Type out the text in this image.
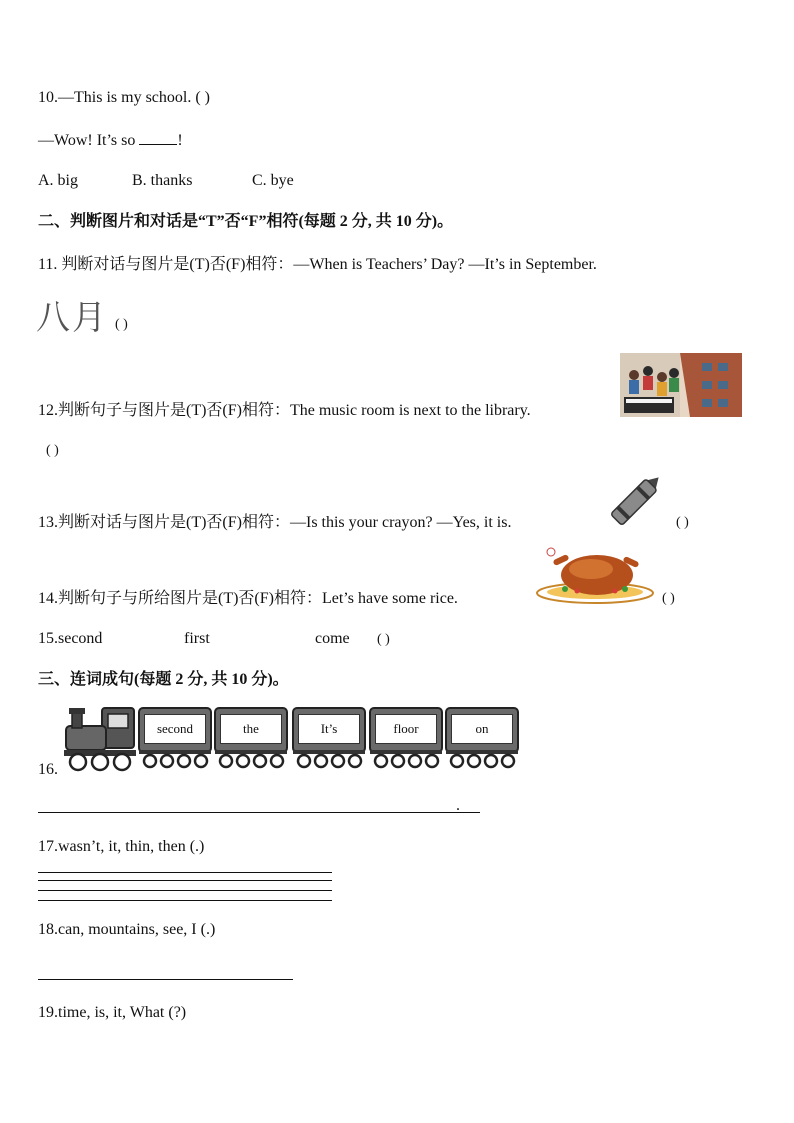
10.—This is my school. ( )
—Wow! It’s so !
A. big	B. thanks	C. bye
二、判断图片和对话是“T”否“F”相符(每题 2 分, 共 10 分)。
11. 判断对话与图片是(T)否(F)相符：—When is Teachers’ Day? —It’s in September.
八月 ( )
12.判断句子与图片是(T)否(F)相符：The music room is next to the library.
( )
13.判断对话与图片是(T)否(F)相符：—Is this your crayon? —Yes, it is.	( )
14.判断句子与所给图片是(T)否(F)相符：Let’s have some rice.	( )
15.second	first	come ( )
三、连词成句(每题 2 分, 共 10 分)。
16.
second	the	It’s	floor	on
.
17.wasn’t, it, thin, then (.)
18.can, mountains, see, I (.)
19.time, is, it, What (?)
